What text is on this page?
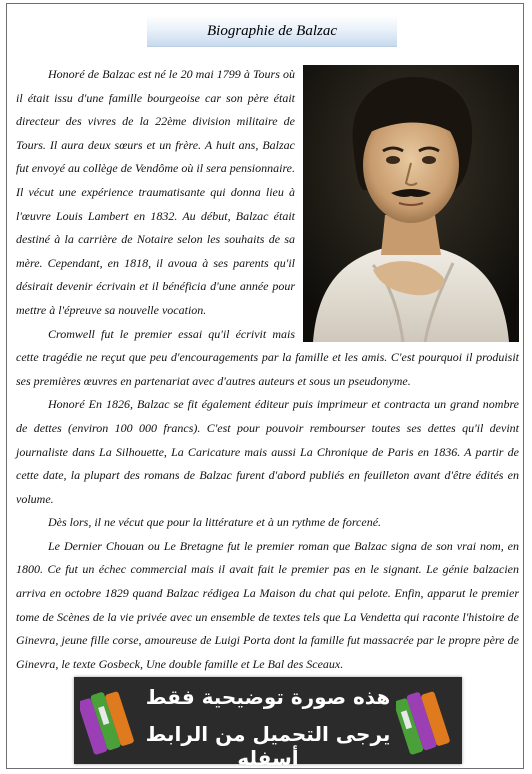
Biographie de Balzac

Honoré de Balzac est né le 20 mai 1799 à Tours où il était issu d'une famille bourgeoise car son père était directeur des vivres de la 22ème division militaire de Tours. Il aura deux sœurs et un frère. A huit ans, Balzac fut envoyé au collège de Vendôme où il sera pensionnaire. Il vécut une expérience traumatisante qui donna lieu à l'œuvre Louis Lambert en 1832. Au début, Balzac était destiné à la carrière de Notaire selon les souhaits de sa mère. Cependant, en 1818, il avoua à ses parents qu'il désirait devenir écrivain et il bénéficia d'une année pour mettre à l'épreuve sa nouvelle vocation.

Cromwell fut le premier essai qu'il écrivit mais cette tragédie ne reçut que peu d'encouragements par la famille et les amis. C'est pourquoi il produisit ses premières œuvres en partenariat avec d'autres auteurs et sous un pseudonyme.

Honoré En 1826, Balzac se fit également éditeur puis imprimeur et contracta un grand nombre de dettes (environ 100 000 francs). C'est pour pouvoir rembourser toutes ses dettes qu'il devint journaliste dans La Silhouette, La Caricature mais aussi La Chronique de Paris en 1836. A partir de cette date, la plupart des romans de Balzac furent d'abord publiés en feuilleton avant d'être édités en volume.

Dès lors, il ne vécut que pour la littérature et à un rythme de forcené.

Le Dernier Chouan ou Le Bretagne fut le premier roman que Balzac signa de son vrai nom, en 1800. Ce fut un échec commercial mais il avait fait le premier pas en le signant. Le génie balzacien arriva en octobre 1829 quand Balzac rédigea La Maison du chat qui pelote. Enfin, apparut le premier tome de Scènes de la vie privée avec un ensemble de textes tels que La Vendetta qui raconte l'histoire de Ginevra, jeune fille corse, amoureuse de Luigi Porta dont la famille fut massacrée par le propre père de Ginevra, le texte Gosbeck, Une double famille et Le Bal des Sceaux.

هذه صورة توضيحية فقط
يرجى التحميل من الرابط أسفله
